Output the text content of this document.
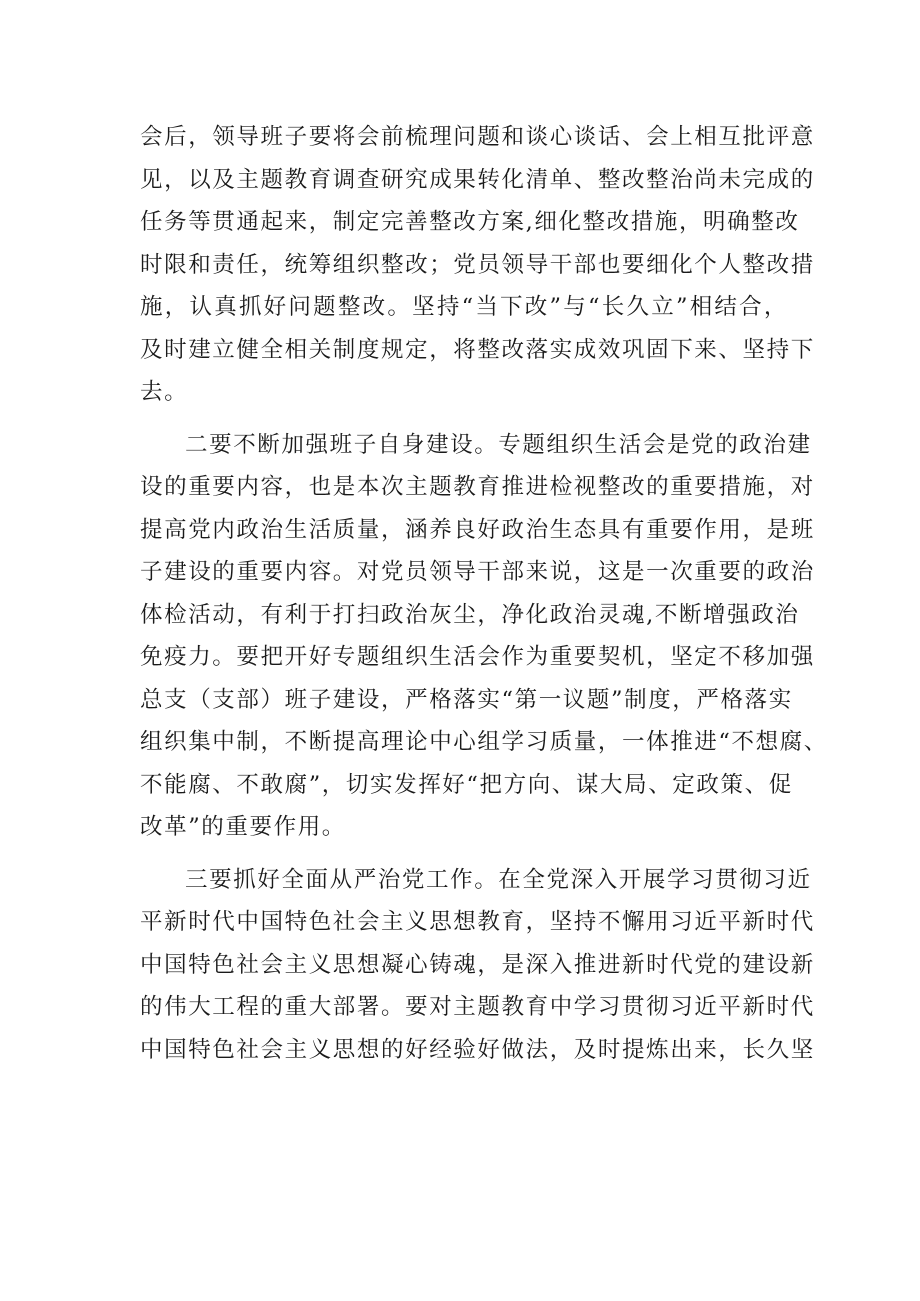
会后，领导班子要将会前梳理问题和谈心谈话、会上相互批评意
见，以及主题教育调查研究成果转化清单、整改整治尚未完成的
任务等贯通起来，制定完善整改方案,细化整改措施，明确整改
时限和责任，统筹组织整改；党员领导干部也要细化个人整改措
施，认真抓好问题整改。坚持“当下改”与“长久立”相结合，
及时建立健全相关制度规定，将整改落实成效巩固下来、坚持下
去。
二要不断加强班子自身建设。专题组织生活会是党的政治建
设的重要内容，也是本次主题教育推进检视整改的重要措施，对
提高党内政治生活质量，涵养良好政治生态具有重要作用，是班
子建设的重要内容。对党员领导干部来说，这是一次重要的政治
体检活动，有利于打扫政治灰尘，净化政治灵魂,不断增强政治
免疫力。要把开好专题组织生活会作为重要契机，坚定不移加强
总支（支部）班子建设，严格落实“第一议题”制度，严格落实
组织集中制，不断提高理论中心组学习质量，一体推进“不想腐、
不能腐、不敢腐”，切实发挥好“把方向、谋大局、定政策、促
改革”的重要作用。
三要抓好全面从严治党工作。在全党深入开展学习贯彻习近
平新时代中国特色社会主义思想教育，坚持不懈用习近平新时代
中国特色社会主义思想凝心铸魂，是深入推进新时代党的建设新
的伟大工程的重大部署。要对主题教育中学习贯彻习近平新时代
中国特色社会主义思想的好经验好做法，及时提炼出来，长久坚
